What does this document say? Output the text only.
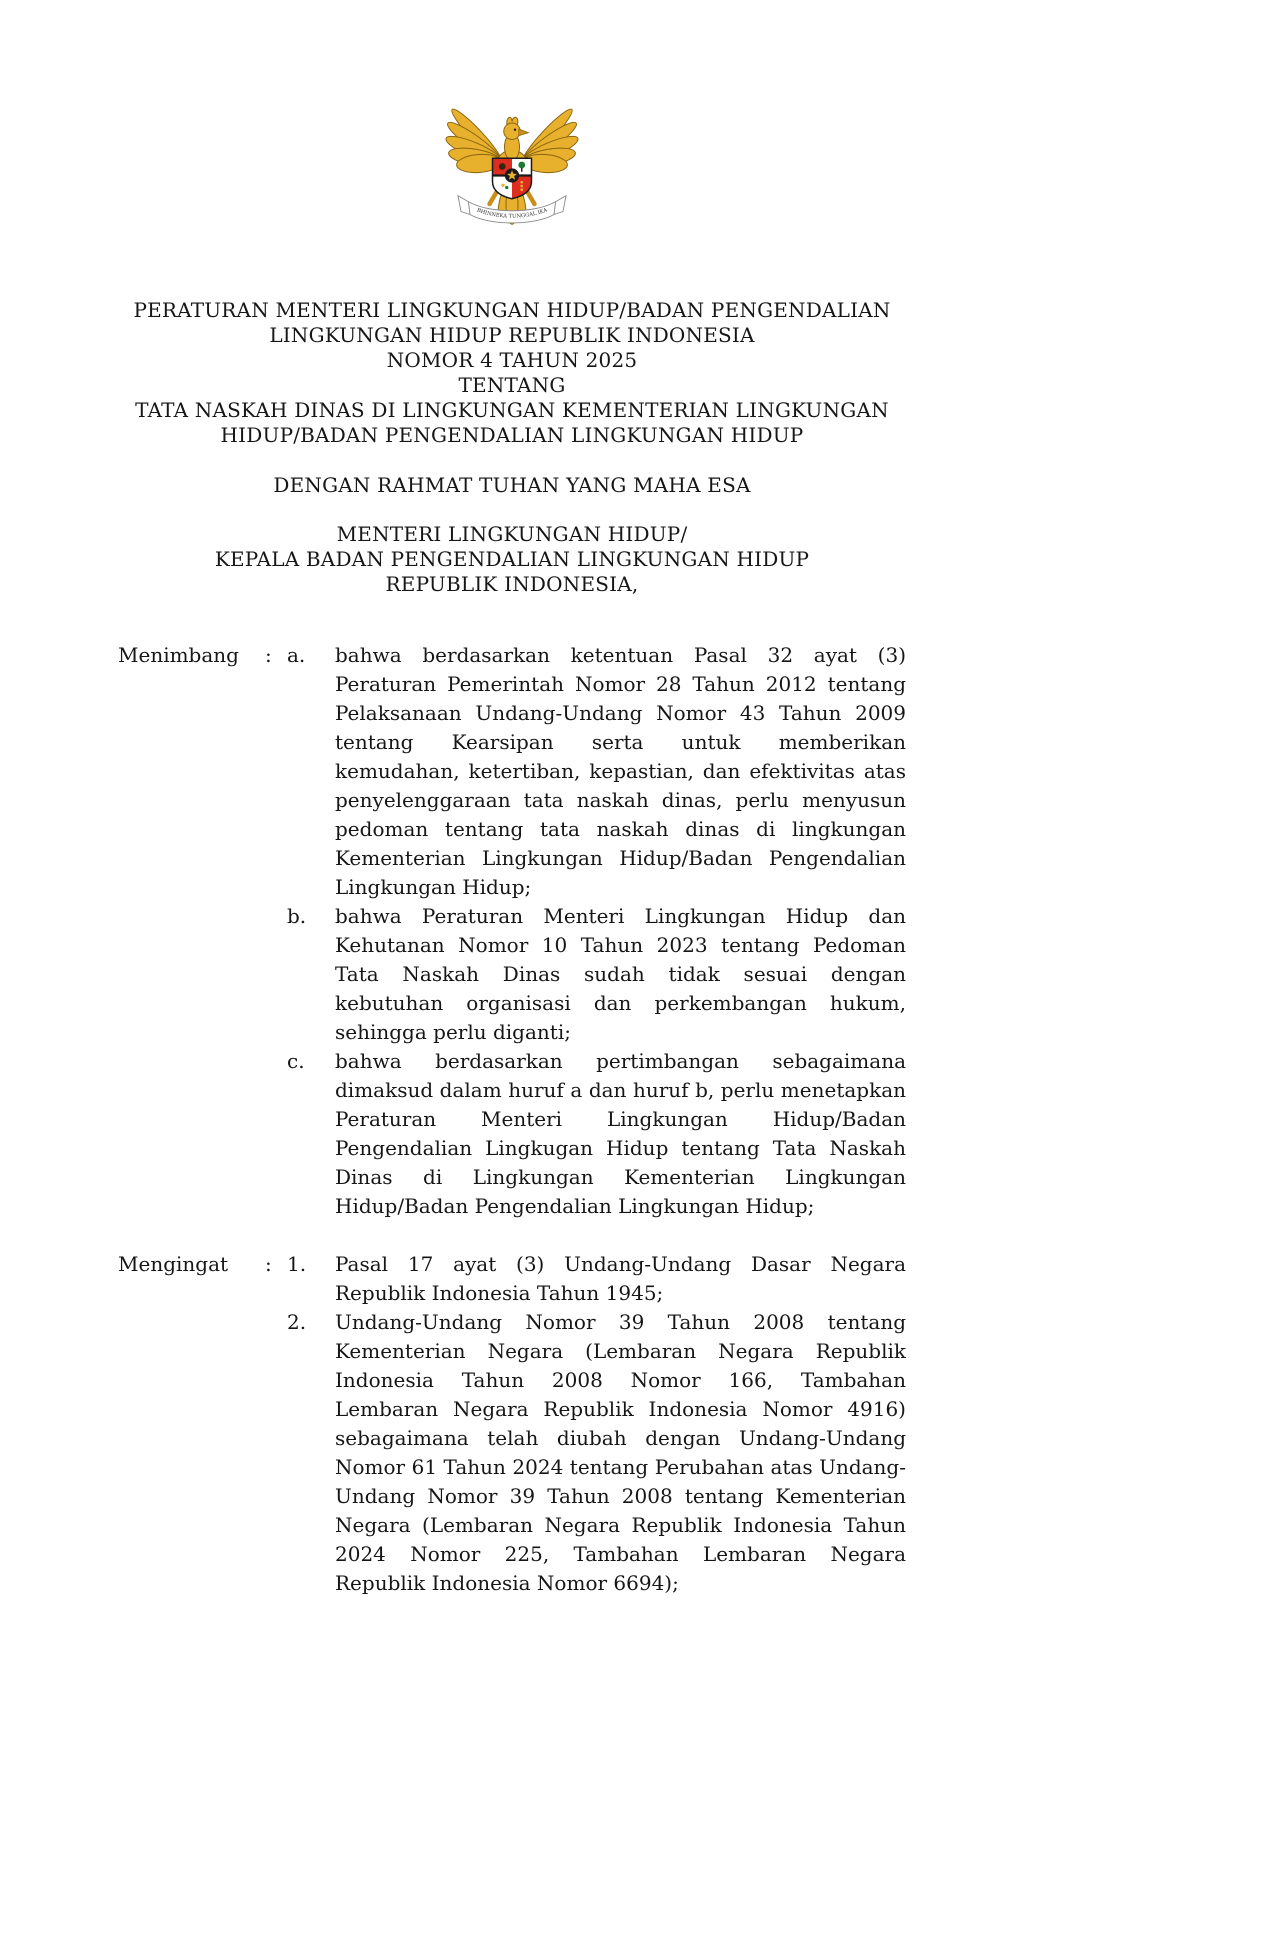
BHINNEKA TUNGGAL IKA
PERATURAN MENTERI LINGKUNGAN HIDUP/BADAN PENGENDALIAN
LINGKUNGAN HIDUP REPUBLIK INDONESIA
NOMOR 4 TAHUN 2025
TENTANG
TATA NASKAH DINAS DI LINGKUNGAN KEMENTERIAN LINGKUNGAN
HIDUP/BADAN PENGENDALIAN LINGKUNGAN HIDUP
DENGAN RAHMAT TUHAN YANG MAHA ESA
MENTERI LINGKUNGAN HIDUP/
KEPALA BADAN PENGENDALIAN LINGKUNGAN HIDUP
REPUBLIK INDONESIA,
Menimbang	: a.	bahwa berdasarkan ketentuan Pasal 32 ayat (3) Peraturan Pemerintah Nomor 28 Tahun 2012 tentang Pelaksanaan Undang-Undang Nomor 43 Tahun 2009 tentang Kearsipan serta untuk memberikan kemudahan, ketertiban, kepastian, dan efektivitas atas penyelenggaraan tata naskah dinas, perlu menyusun pedoman tentang tata naskah dinas di lingkungan Kementerian Lingkungan Hidup/Badan Pengendalian Lingkungan Hidup;
b.	bahwa Peraturan Menteri Lingkungan Hidup dan Kehutanan Nomor 10 Tahun 2023 tentang Pedoman Tata Naskah Dinas sudah tidak sesuai dengan kebutuhan organisasi dan perkembangan hukum, sehingga perlu diganti;
c.	bahwa berdasarkan pertimbangan sebagaimana dimaksud dalam huruf a dan huruf b, perlu menetapkan Peraturan Menteri Lingkungan Hidup/Badan Pengendalian Lingkugan Hidup tentang Tata Naskah Dinas di Lingkungan Kementerian Lingkungan Hidup/Badan Pengendalian Lingkungan Hidup;
Mengingat	: 1.	Pasal 17 ayat (3) Undang-Undang Dasar Negara Republik Indonesia Tahun 1945;
2.	Undang-Undang Nomor 39 Tahun 2008 tentang Kementerian Negara (Lembaran Negara Republik Indonesia Tahun 2008 Nomor 166, Tambahan Lembaran Negara Republik Indonesia Nomor 4916) sebagaimana telah diubah dengan Undang-Undang Nomor 61 Tahun 2024 tentang Perubahan atas Undang-Undang Nomor 39 Tahun 2008 tentang Kementerian Negara (Lembaran Negara Republik Indonesia Tahun 2024 Nomor 225, Tambahan Lembaran Negara Republik Indonesia Nomor 6694);
